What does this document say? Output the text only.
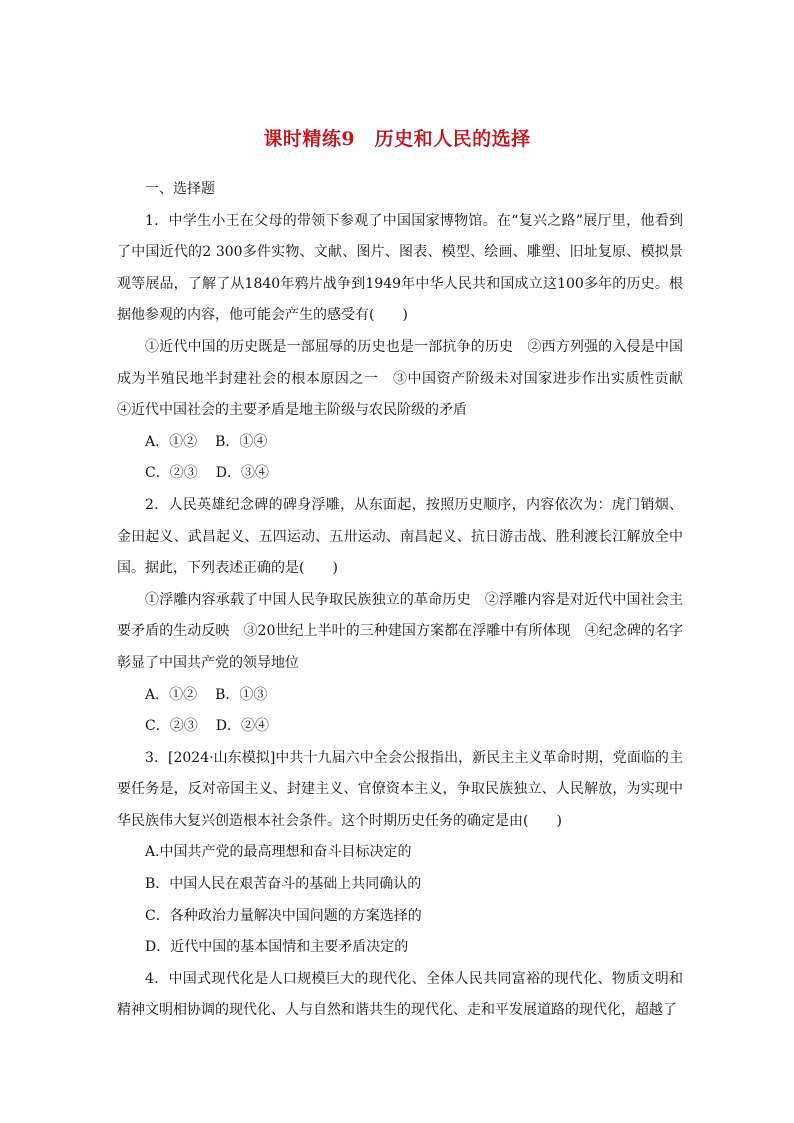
课时精练9　历史和人民的选择

一、选择题

1．中学生小王在父母的带领下参观了中国国家博物馆。在“复兴之路”展厅里，他看到了中国近代的2 300多件实物、文献、图片、图表、模型、绘画、雕塑、旧址复原、模拟景观等展品，了解了从1840年鸦片战争到1949年中华人民共和国成立这100多年的历史。根据他参观的内容，他可能会产生的感受有(　　)

①近代中国的历史既是一部屈辱的历史也是一部抗争的历史　②西方列强的入侵是中国成为半殖民地半封建社会的根本原因之一　③中国资产阶级未对国家进步作出实质性贡献　④近代中国社会的主要矛盾是地主阶级与农民阶级的矛盾

A．①② B．①④

C．②③ D．③④

2．人民英雄纪念碑的碑身浮雕，从东面起，按照历史顺序，内容依次为：虎门销烟、金田起义、武昌起义、五四运动、五卅运动、南昌起义、抗日游击战、胜利渡长江解放全中国。据此，下列表述正确的是(　　)

①浮雕内容承载了中国人民争取民族独立的革命历史　②浮雕内容是对近代中国社会主要矛盾的生动反映　③20世纪上半叶的三种建国方案都在浮雕中有所体现　④纪念碑的名字彰显了中国共产党的领导地位

A．①② B．①③

C．②③ D．②④

3．[2024·山东模拟]中共十九届六中全会公报指出，新民主主义革命时期，党面临的主要任务是，反对帝国主义、封建主义、官僚资本主义，争取民族独立、人民解放，为实现中华民族伟大复兴创造根本社会条件。这个时期历史任务的确定是由(　　)

A.中国共产党的最高理想和奋斗目标决定的

B．中国人民在艰苦奋斗的基础上共同确认的

C．各种政治力量解决中国问题的方案选择的

D．近代中国的基本国情和主要矛盾决定的

4．中国式现代化是人口规模巨大的现代化、全体人民共同富裕的现代化、物质文明和精神文明相协调的现代化、人与自然和谐共生的现代化、走和平发展道路的现代化，超越了
